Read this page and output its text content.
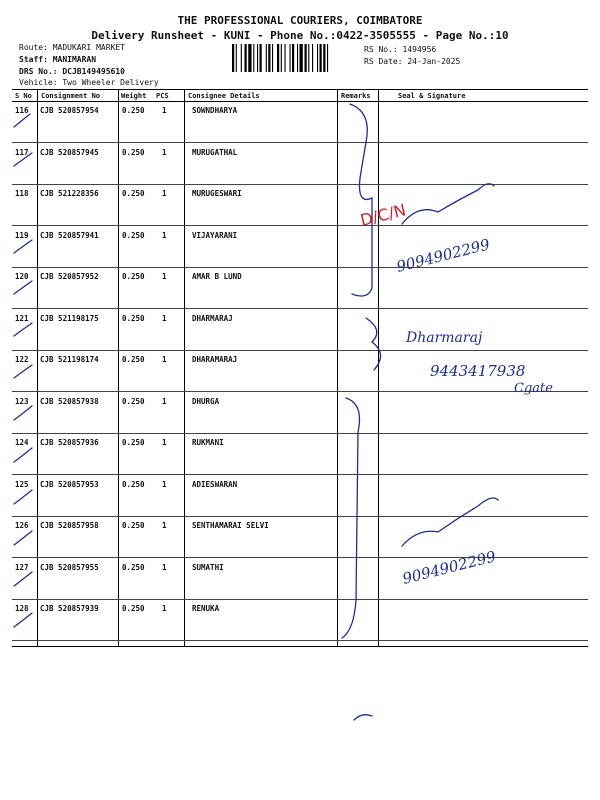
THE PROFESSIONAL COURIERS, COIMBATORE
Delivery Runsheet - KUNI - Phone No.:0422-3505555 - Page No.:10
Route: MADUKARI MARKET
Staff: MANIMARAN
DRS No.: DCJB149495610
Vehicle: Two Wheeler Delivery
RS No.: 1494956
RS Date: 24-Jan-2025
S No Consignment No	Weight PCS	Consignee Details	Remarks	Seal & Signature
116 CJB 520857954	0.250 1	SOWNDHARYA
117 CJB 520857945	0.250 1	MURUGATHAL
118 CJB 521228356	0.250 1	MURUGESWARI
119 CJB 520857941	0.250 1	VIJAYARANI
120 CJB 520857952	0.250 1	AMAR B LUND
121 CJB 521198175	0.250 1	DHARMARAJ
122 CJB 521198174	0.250 1	DHARAMARAJ
123 CJB 520857938	0.250 1	DHURGA
124 CJB 520857936	0.250 1	RUKMANI
125 CJB 520857953	0.250 1	ADIESWARAN
126 CJB 520857958	0.250 1	SENTHAMARAI SELVI
127 CJB 520857955	0.250 1	SUMATHI
128 CJB 520857939	0.250 1	RENUKA
D/C/N
Dharmaraj
9094902299
9443417938
Cgate
9094902299
